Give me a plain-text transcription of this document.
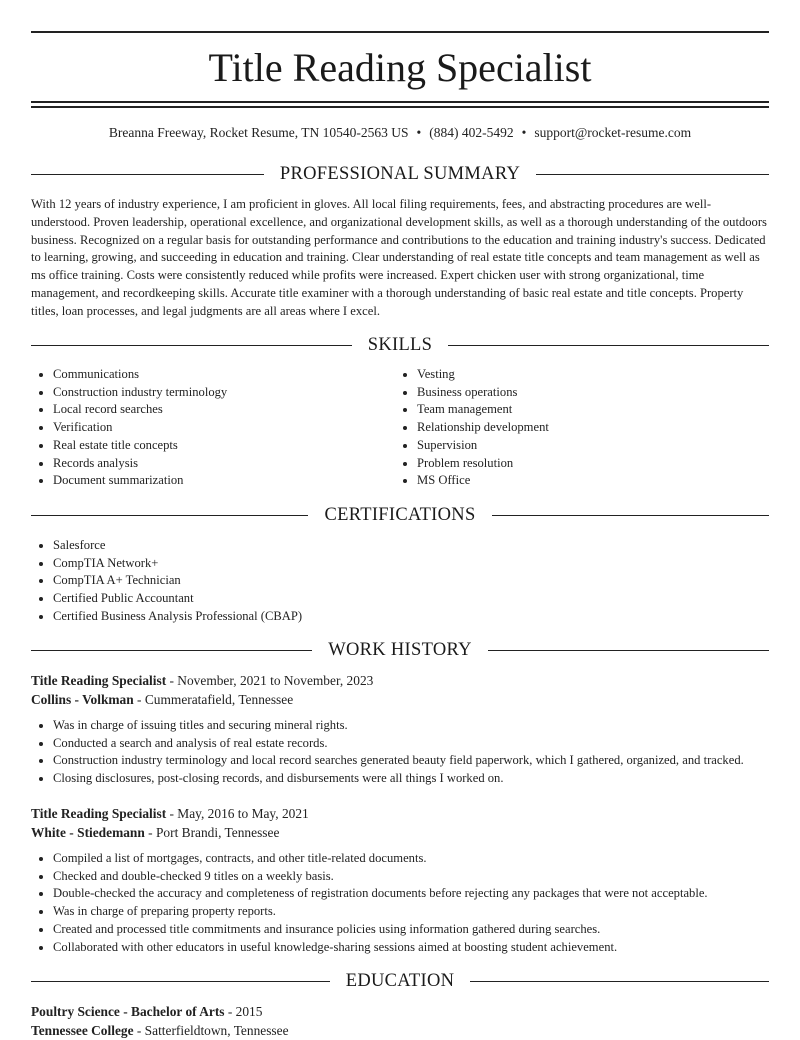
Title Reading Specialist
Breanna Freeway, Rocket Resume, TN 10540-2563 US • (884) 402-5492 • support@rocket-resume.com
PROFESSIONAL SUMMARY
With 12 years of industry experience, I am proficient in gloves. All local filing requirements, fees, and abstracting procedures are well-understood. Proven leadership, operational excellence, and organizational development skills, as well as a thorough understanding of the outdoors business. Recognized on a regular basis for outstanding performance and contributions to the education and training industry's success. Dedicated to learning, growing, and succeeding in education and training. Clear understanding of real estate title concepts and team management as well as ms office training. Costs were consistently reduced while profits were increased. Expert chicken user with strong organizational, time management, and recordkeeping skills. Accurate title examiner with a thorough understanding of basic real estate and title concepts. Property titles, loan processes, and legal judgments are all areas where I excel.
SKILLS
• Communications
• Construction industry terminology
• Local record searches
• Verification
• Real estate title concepts
• Records analysis
• Document summarization
• Vesting
• Business operations
• Team management
• Relationship development
• Supervision
• Problem resolution
• MS Office
CERTIFICATIONS
• Salesforce
• CompTIA Network+
• CompTIA A+ Technician
• Certified Public Accountant
• Certified Business Analysis Professional (CBAP)
WORK HISTORY
Title Reading Specialist - November, 2021 to November, 2023
Collins - Volkman - Cummeratafield, Tennessee
• Was in charge of issuing titles and securing mineral rights.
• Conducted a search and analysis of real estate records.
• Construction industry terminology and local record searches generated beauty field paperwork, which I gathered, organized, and tracked.
• Closing disclosures, post-closing records, and disbursements were all things I worked on.
Title Reading Specialist - May, 2016 to May, 2021
White - Stiedemann - Port Brandi, Tennessee
• Compiled a list of mortgages, contracts, and other title-related documents.
• Checked and double-checked 9 titles on a weekly basis.
• Double-checked the accuracy and completeness of registration documents before rejecting any packages that were not acceptable.
• Was in charge of preparing property reports.
• Created and processed title commitments and insurance policies using information gathered during searches.
• Collaborated with other educators in useful knowledge-sharing sessions aimed at boosting student achievement.
EDUCATION
Poultry Science - Bachelor of Arts - 2015
Tennessee College - Satterfieldtown, Tennessee
